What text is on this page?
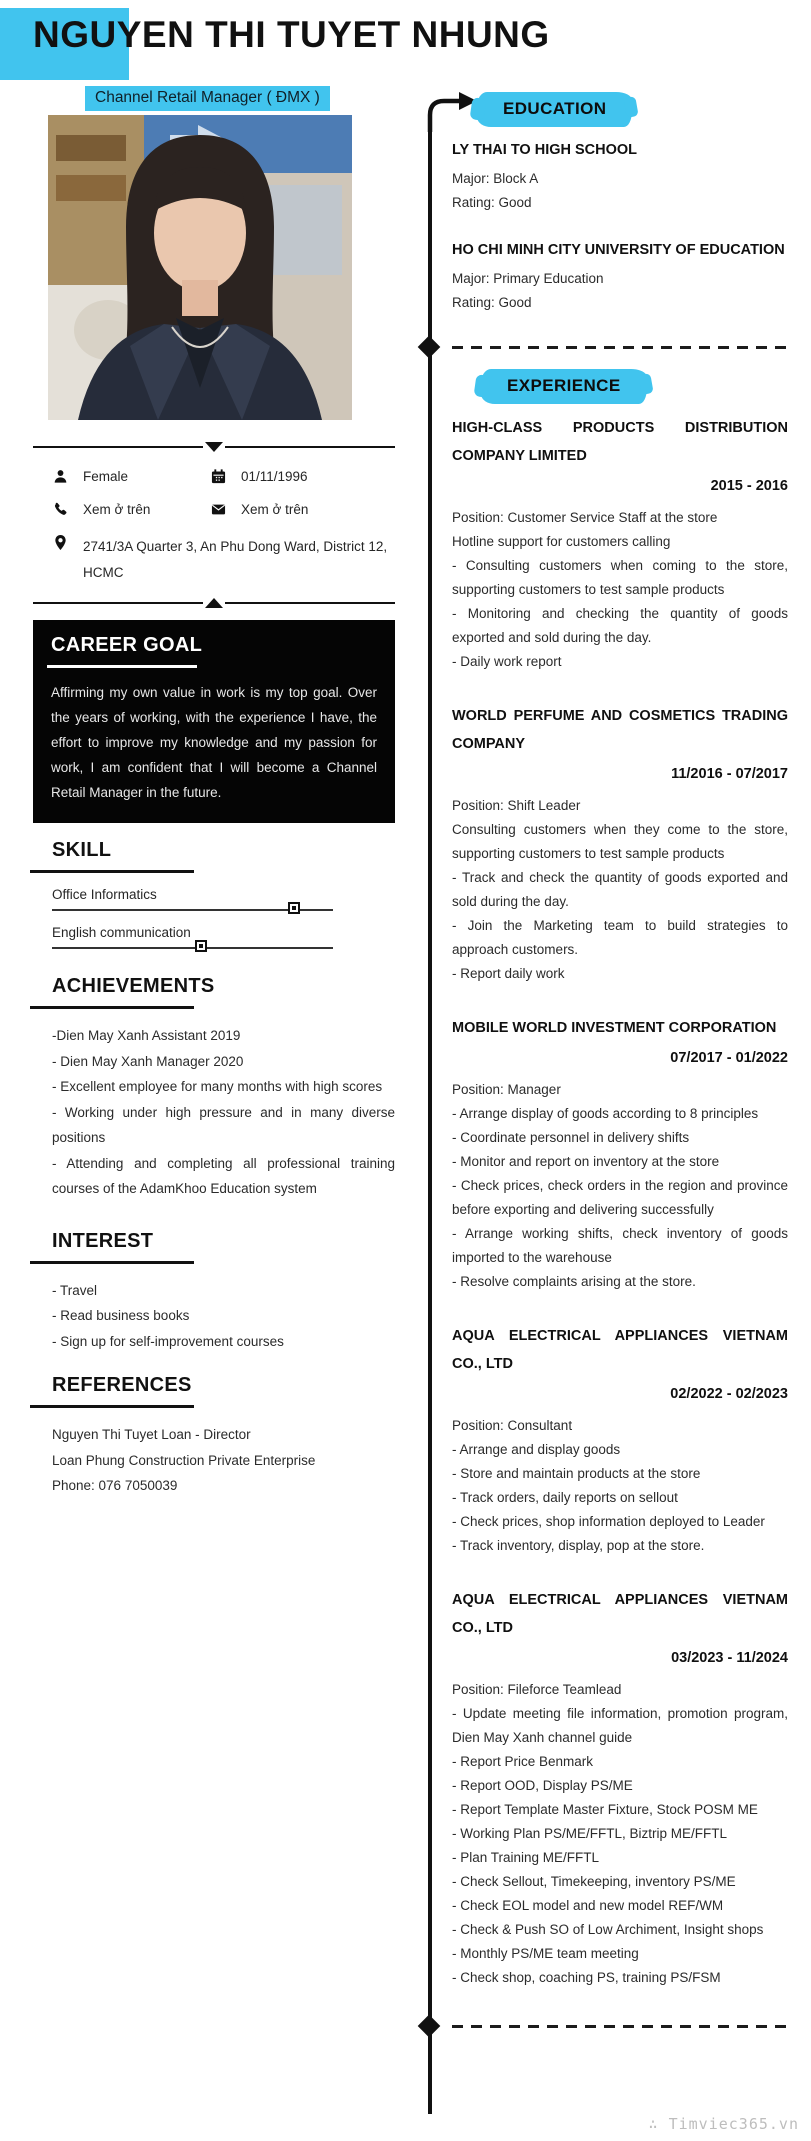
NGUYEN THI TUYET NHUNG
Channel Retail Manager ( ĐMX )
Female	01/11/1996
Xem ở trên	Xem ở trên
2741/3A Quarter 3, An Phu Dong Ward, District 12, HCMC

CAREER GOAL

Affirming my own value in work is my top goal. Over the years of working, with the experience I have, the effort to improve my knowledge and my passion for work, I am confident that I will become a Channel Retail Manager in the future.

SKILL

Office Informatics

English communication

ACHIEVEMENTS

-Dien May Xanh Assistant 2019

- Dien May Xanh Manager 2020

- Excellent employee for many months with high scores

- Working under high pressure and in many diverse positions

- Attending and completing all professional training courses of the AdamKhoo Education system

INTEREST

- Travel

- Read business books

- Sign up for self-improvement courses

REFERENCES

Nguyen Thi Tuyet Loan - Director

Loan Phung Construction Private Enterprise

Phone: 076 7050039

EDUCATION

LY THAI TO HIGH SCHOOL

Major: Block A

Rating: Good

HO CHI MINH CITY UNIVERSITY OF EDUCATION

Major: Primary Education

Rating: Good

EXPERIENCE

HIGH-CLASS PRODUCTS DISTRIBUTION COMPANY LIMITED

2015 - 2016

Position: Customer Service Staff at the store

Hotline support for customers calling

- Consulting customers when coming to the store, supporting customers to test sample products

- Monitoring and checking the quantity of goods exported and sold during the day.

- Daily work report

WORLD PERFUME AND COSMETICS TRADING COMPANY

11/2016 - 07/2017

Position: Shift Leader

Consulting customers when they come to the store, supporting customers to test sample products

- Track and check the quantity of goods exported and sold during the day.

- Join the Marketing team to build strategies to approach customers.

- Report daily work

MOBILE WORLD INVESTMENT CORPORATION

07/2017 - 01/2022

Position: Manager

- Arrange display of goods according to 8 principles

- Coordinate personnel in delivery shifts

- Monitor and report on inventory at the store

- Check prices, check orders in the region and province before exporting and delivering successfully

- Arrange working shifts, check inventory of goods imported to the warehouse

- Resolve complaints arising at the store.

AQUA ELECTRICAL APPLIANCES VIETNAM CO., LTD

02/2022 - 02/2023

Position: Consultant

- Arrange and display goods

- Store and maintain products at the store

- Track orders, daily reports on sellout

- Check prices, shop information deployed to Leader

- Track inventory, display, pop at the store.

AQUA ELECTRICAL APPLIANCES VIETNAM CO., LTD

03/2023 - 11/2024

Position: Fileforce Teamlead

- Update meeting file information, promotion program, Dien May Xanh channel guide

- Report Price Benmark

- Report OOD, Display PS/ME

- Report Template Master Fixture, Stock POSM ME

- Working Plan PS/ME/FFTL, Biztrip ME/FFTL

- Plan Training ME/FFTL

- Check Sellout, Timekeeping, inventory PS/ME

- Check EOL model and new model REF/WM

- Check & Push SO of Low Archiment, Insight shops

- Monthly PS/ME team meeting

- Check shop, coaching PS, training PS/FSM

∴ Timviec365.vn
